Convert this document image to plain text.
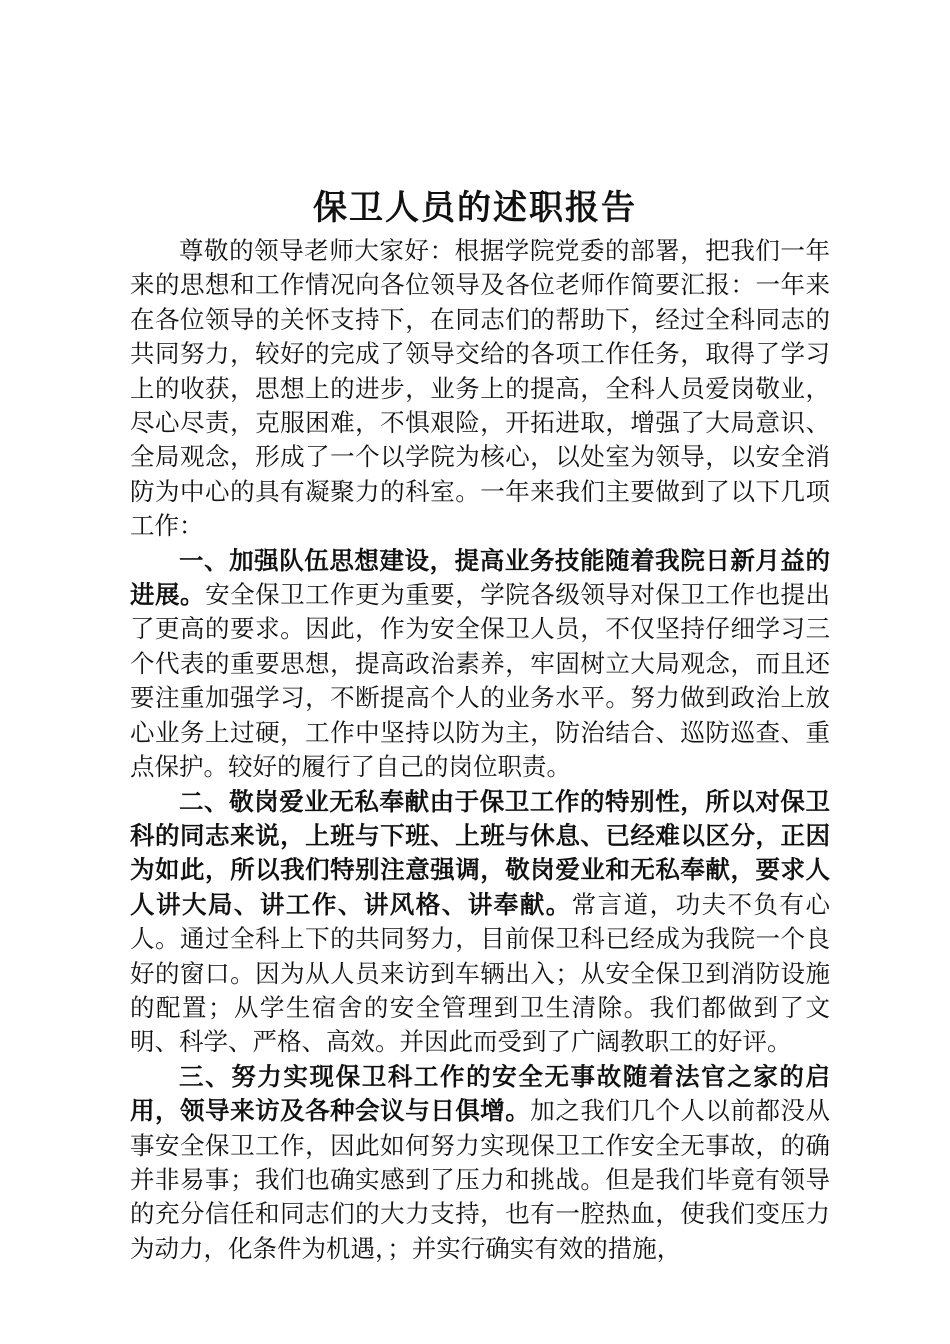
保卫人员的述职报告

尊敬的领导老师大家好：根据学院党委的部署，把我们一年来的思想和工作情况向各位领导及各位老师作简要汇报：一年来在各位领导的关怀支持下，在同志们的帮助下，经过全科同志的共同努力，较好的完成了领导交给的各项工作任务，取得了学习上的收获，思想上的进步，业务上的提高，全科人员爱岗敬业，尽心尽责，克服困难，不惧艰险，开拓进取，增强了大局意识、全局观念，形成了一个以学院为核心，以处室为领导，以安全消防为中心的具有凝聚力的科室。一年来我们主要做到了以下几项工作：

一、加强队伍思想建设，提高业务技能随着我院日新月益的进展。安全保卫工作更为重要，学院各级领导对保卫工作也提出了更高的要求。因此，作为安全保卫人员，不仅坚持仔细学习三个代表的重要思想，提高政治素养，牢固树立大局观念，而且还要注重加强学习，不断提高个人的业务水平。努力做到政治上放心业务上过硬，工作中坚持以防为主，防治结合、巡防巡查、重点保护。较好的履行了自己的岗位职责。

二、敬岗爱业无私奉献由于保卫工作的特别性，所以对保卫科的同志来说，上班与下班、上班与休息、已经难以区分，正因为如此，所以我们特别注意强调，敬岗爱业和无私奉献，要求人人讲大局、讲工作、讲风格、讲奉献。常言道，功夫不负有心人。通过全科上下的共同努力，目前保卫科已经成为我院一个良好的窗口。因为从人员来访到车辆出入；从安全保卫到消防设施的配置；从学生宿舍的安全管理到卫生清除。我们都做到了文明、科学、严格、高效。并因此而受到了广阔教职工的好评。

三、努力实现保卫科工作的安全无事故随着法官之家的启用，领导来访及各种会议与日俱增。加之我们几个人以前都没从事安全保卫工作，因此如何努力实现保卫工作安全无事故，的确并非易事；我们也确实感到了压力和挑战。但是我们毕竟有领导的充分信任和同志们的大力支持，也有一腔热血，使我们变压力为动力，化条件为机遇，；并实行确实有效的措施，
